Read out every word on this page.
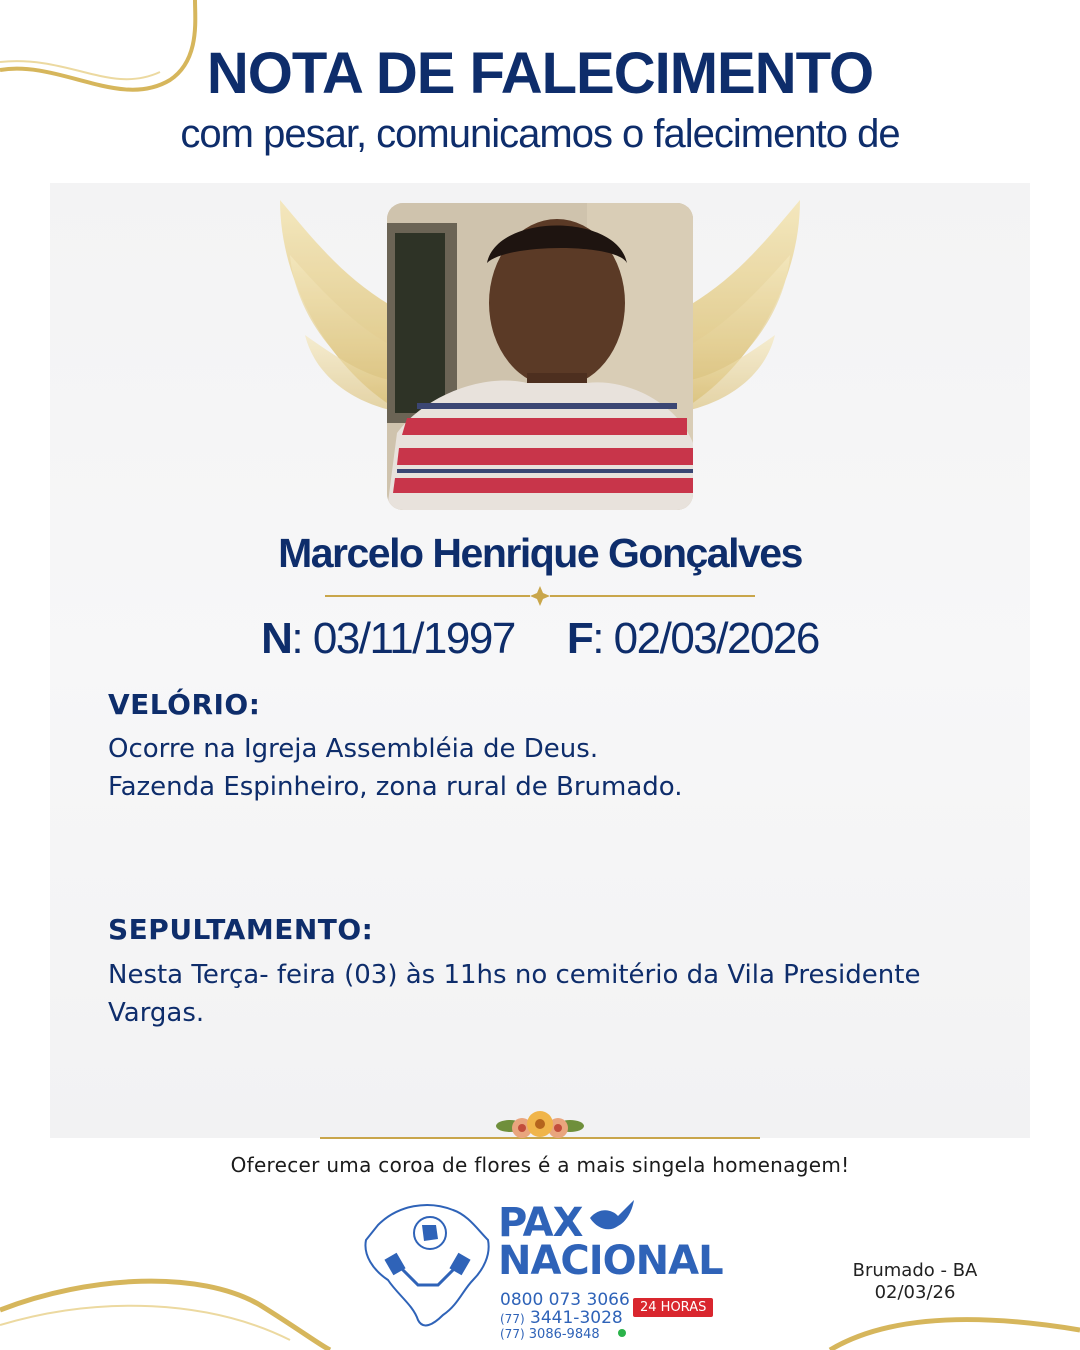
NOTA DE FALECIMENTO
com pesar, comunicamos o falecimento de
Marcelo Henrique Gonçalves
N: 03/11/1997 F: 02/03/2026
VELÓRIO:
Ocorre na Igreja Assembléia de Deus.
Fazenda Espinheiro, zona rural de Brumado.
SEPULTAMENTO:
Nesta Terça- feira (03) às 11hs no cemitério da Vila Presidente Vargas.
Oferecer uma coroa de flores é a mais singela homenagem!
PAX
NACIONAL
0800 073 3066
(77) 3441-3028
(77) 3086-9848
24 HORAS
Brumado - BA
02/03/26
